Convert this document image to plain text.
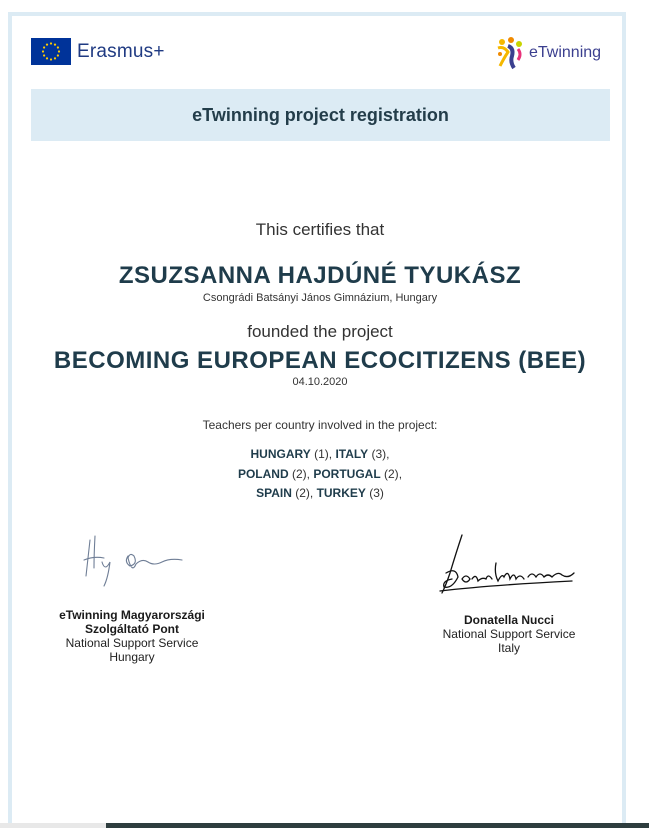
Erasmus+	eTwinning
eTwinning project registration
This certifies that
ZSUZSANNA HAJDÚNÉ TYUKÁSZ
Csongrádi Batsányi János Gimnázium, Hungary
founded the project
BECOMING EUROPEAN ECOCITIZENS (BEE)
04.10.2020
Teachers per country involved in the project:
HUNGARY (1), ITALY (3),
POLAND (2), PORTUGAL (2),
SPAIN (2), TURKEY (3)
eTwinning Magyarországi
Szolgáltató Pont
National Support Service
Hungary
Donatella Nucci
National Support Service
Italy
